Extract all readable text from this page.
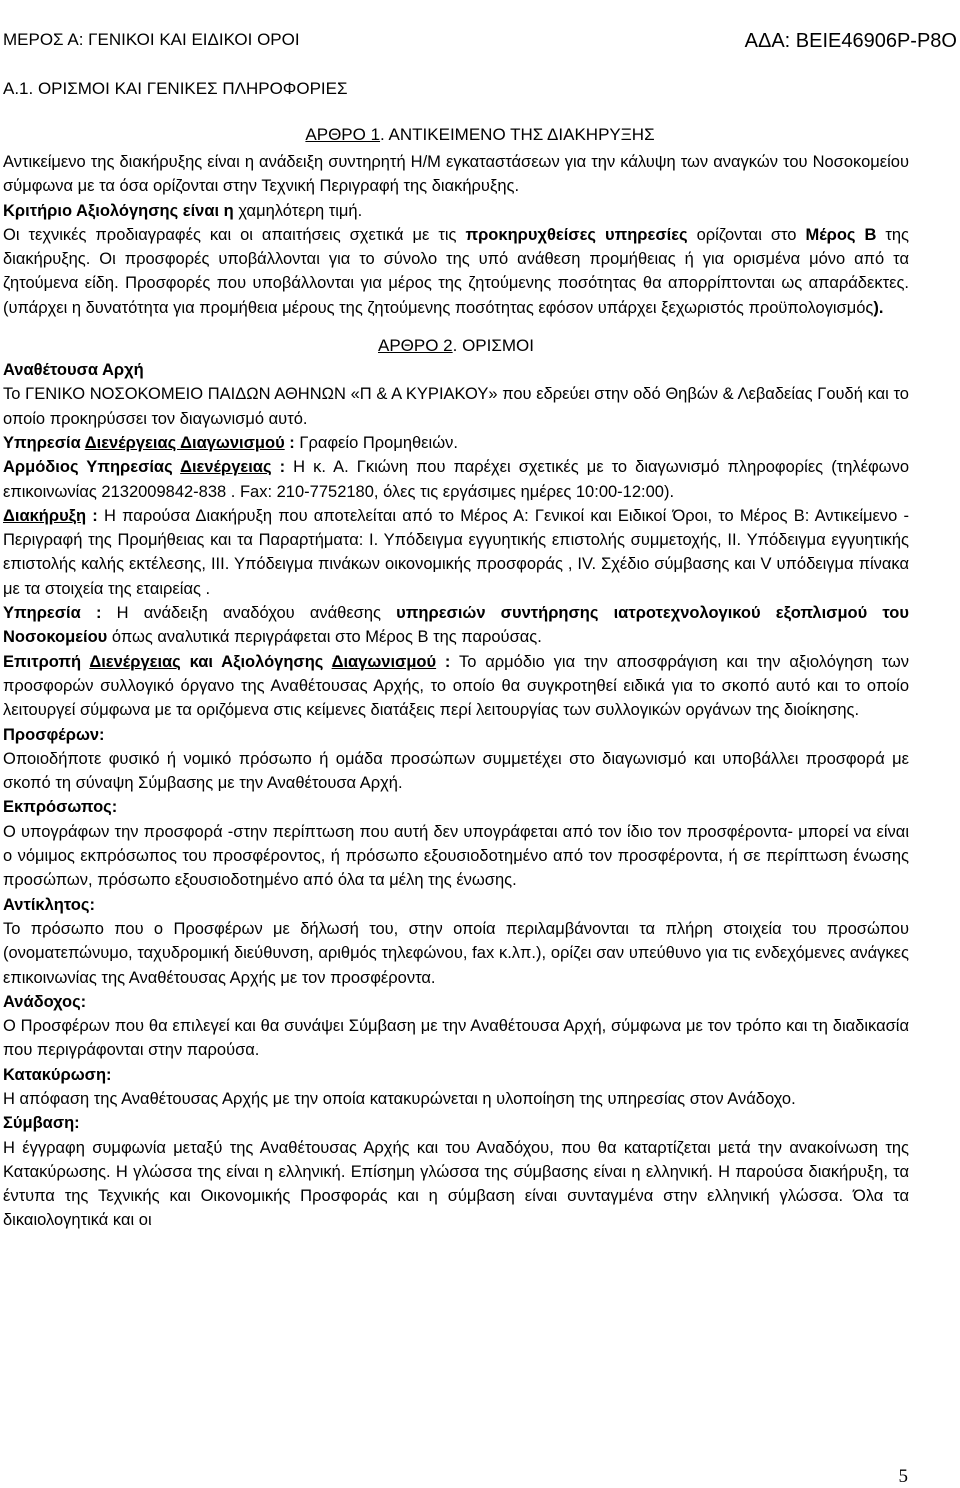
ΜΕΡΟΣ Α: ΓΕΝΙΚΟΙ ΚΑΙ ΕΙΔΙΚΟΙ ΟΡΟΙ	ΑΔΑ: ΒΕΙΕ46906Ρ-Ρ8Ο
Α.1. ΟΡΙΣΜΟΙ ΚΑΙ ΓΕΝΙΚΕΣ ΠΛΗΡΟΦΟΡΙΕΣ
ΑΡΘΡΟ 1. ΑΝΤΙΚΕΙΜΕΝΟ ΤΗΣ ΔΙΑΚΗΡΥΞΗΣ

Αντικείμενο της διακήρυξης είναι η ανάδειξη συντηρητή Η/Μ εγκαταστάσεων για την κάλυψη των αναγκών του Νοσοκομείου σύμφωνα με τα όσα ορίζονται στην Τεχνική Περιγραφή της διακήρυξης.

Κριτήριο Αξιολόγησης είναι η χαμηλότερη τιμή.

Οι τεχνικές προδιαγραφές και οι απαιτήσεις σχετικά με τις προκηρυχθείσες υπηρεσίες ορίζονται στο Μέρος Β της διακήρυξης. Οι προσφορές υποβάλλονται για το σύνολο της υπό ανάθεση προμήθειας ή για ορισμένα μόνο από τα ζητούμενα είδη. Προσφορές που υποβάλλονται για μέρος της ζητούμενης ποσότητας θα απορρίπτονται ως απαράδεκτες.(υπάρχει η δυνατότητα για προμήθεια μέρους της ζητούμενης ποσότητας εφόσον υπάρχει ξεχωριστός προϋπολογισμός).

ΑΡΘΡΟ 2. ΟΡΙΣΜΟΙ

Αναθέτουσα Αρχή

Το ΓΕΝΙΚΟ ΝΟΣΟΚΟΜΕΙΟ ΠΑΙΔΩΝ ΑΘΗΝΩΝ «Π & Α ΚΥΡΙΑΚΟΥ» που εδρεύει στην οδό Θηβών & Λεβαδείας Γουδή και το οποίο προκηρύσσει τον διαγωνισμό αυτό.

Υπηρεσία Διενέργειας Διαγωνισμού : Γραφείο Προμηθειών.

Αρμόδιος Υπηρεσίας Διενέργειας : Η κ. Α. Γκιώνη που παρέχει σχετικές με το διαγωνισμό πληροφορίες (τηλέφωνο επικοινωνίας 2132009842-838 . Fax: 210-7752180, όλες τις εργάσιμες ημέρες 10:00-12:00).

Διακήρυξη : Η παρούσα Διακήρυξη που αποτελείται από το Μέρος Α: Γενικοί και Ειδικοί Όροι, το Μέρος Β: Αντικείμενο - Περιγραφή της Προμήθειας και τα Παραρτήματα: Ι. Υπόδειγμα εγγυητικής επιστολής συμμετοχής, ΙΙ. Υπόδειγμα εγγυητικής επιστολής καλής εκτέλεσης, ΙΙΙ. Υπόδειγμα πινάκων οικονομικής προσφοράς , IV. Σχέδιο σύμβασης και V υπόδειγμα πίνακα με τα στοιχεία της εταιρείας .

Υπηρεσία : Η ανάδειξη αναδόχου ανάθεσης υπηρεσιών συντήρησης ιατροτεχνολογικού εξοπλισμού του Νοσοκομείου όπως αναλυτικά περιγράφεται στο Μέρος Β της παρούσας.

Επιτροπή Διενέργειας και Αξιολόγησης Διαγωνισμού : Το αρμόδιο για την αποσφράγιση και την αξιολόγηση των προσφορών συλλογικό όργανο της Αναθέτουσας Αρχής, το οποίο θα συγκροτηθεί ειδικά για το σκοπό αυτό και το οποίο λειτουργεί σύμφωνα με τα οριζόμενα στις κείμενες διατάξεις περί λειτουργίας των συλλογικών οργάνων της διοίκησης.

Προσφέρων:

Οποιοδήποτε φυσικό ή νομικό πρόσωπο ή ομάδα προσώπων συμμετέχει στο διαγωνισμό και υποβάλλει προσφορά με σκοπό τη σύναψη Σύμβασης με την Αναθέτουσα Αρχή.

Εκπρόσωπος:

Ο υπογράφων την προσφορά -στην περίπτωση που αυτή δεν υπογράφεται από τον ίδιο τον προσφέροντα- μπορεί να είναι ο νόμιμος εκπρόσωπος του προσφέροντος, ή πρόσωπο εξουσιοδοτημένο από τον προσφέροντα, ή σε περίπτωση ένωσης προσώπων, πρόσωπο εξουσιοδοτημένο από όλα τα μέλη της ένωσης.

Αντίκλητος:

Το πρόσωπο που ο Προσφέρων με δήλωσή του, στην οποία περιλαμβάνονται τα πλήρη στοιχεία του προσώπου (ονοματεπώνυμο, ταχυδρομική διεύθυνση, αριθμός τηλεφώνου, fax κ.λπ.), ορίζει σαν υπεύθυνο για τις ενδεχόμενες ανάγκες επικοινωνίας της Αναθέτουσας Αρχής με τον προσφέροντα.

Ανάδοχος:

Ο Προσφέρων που θα επιλεγεί και θα συνάψει Σύμβαση με την Αναθέτουσα Αρχή, σύμφωνα με τον τρόπο και τη διαδικασία που περιγράφονται στην παρούσα.

Κατακύρωση:

Η απόφαση της Αναθέτουσας Αρχής με την οποία κατακυρώνεται η υλοποίηση της υπηρεσίας στον Ανάδοχο.

Σύμβαση:

Η έγγραφη συμφωνία μεταξύ της Αναθέτουσας Αρχής και του Αναδόχου, που θα καταρτίζεται μετά την ανακοίνωση της Κατακύρωσης. Η γλώσσα της είναι η ελληνική. Επίσημη γλώσσα της σύμβασης είναι η ελληνική. Η παρούσα διακήρυξη, τα έντυπα της Τεχνικής και Οικονομικής Προσφοράς και η σύμβαση είναι συνταγμένα στην ελληνική γλώσσα. Όλα τα δικαιολογητικά και οι

5
